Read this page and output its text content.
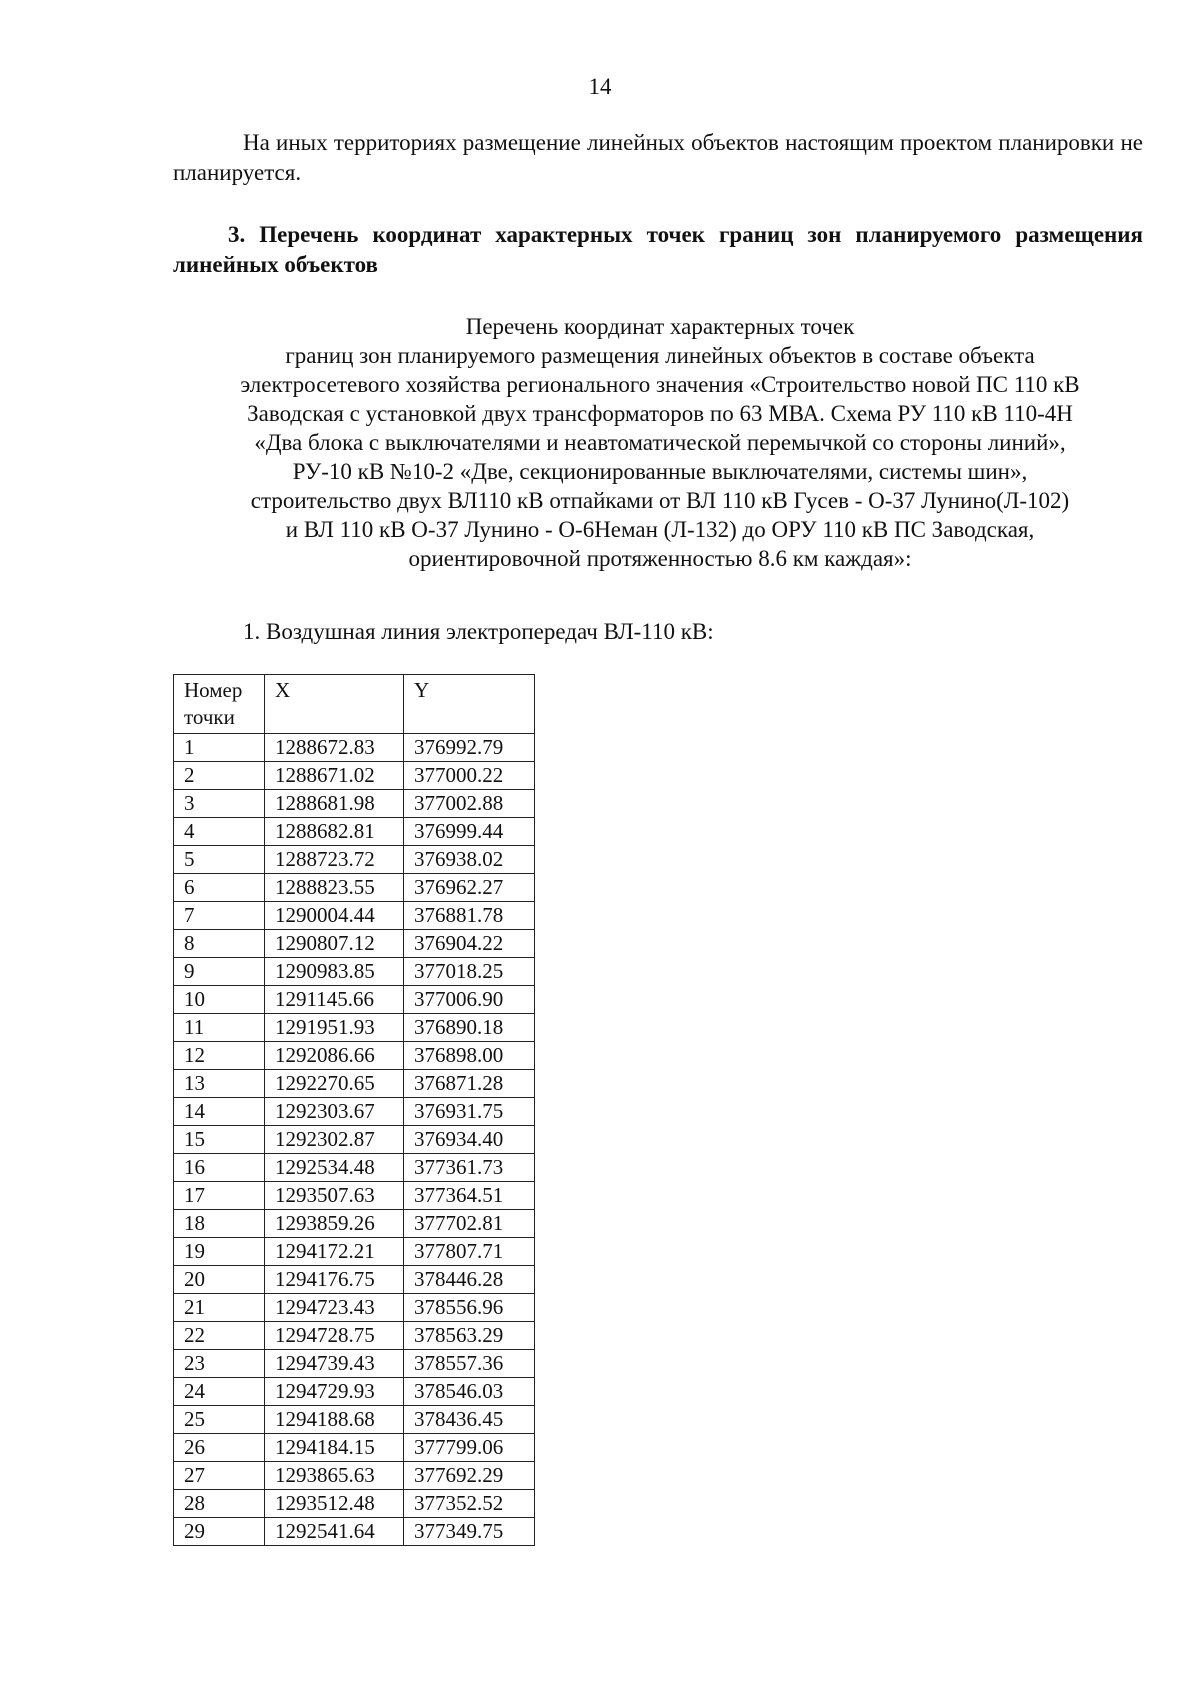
14

На иных территориях размещение линейных объектов настоящим проектом планировки не планируется.

3. Перечень координат характерных точек границ зон планируемого размещения линейных объектов

Перечень координат характерных точек
границ зон планируемого размещения линейных объектов в составе объекта
электросетевого хозяйства регионального значения «Строительство новой ПС 110 кВ
Заводская с установкой двух трансформаторов по 63 МВА. Схема РУ 110 кВ 110-4Н
«Два блока с выключателями и неавтоматической перемычкой со стороны линий»,
РУ-10 кВ №10-2 «Две, секционированные выключателями, системы шин»,
строительство двух ВЛ110 кВ отпайками от ВЛ 110 кВ Гусев - О-37 Лунино(Л-102)
и ВЛ 110 кВ О-37 Лунино - О-6Неман (Л-132) до ОРУ 110 кВ ПС Заводская,
ориентировочной протяженностью 8.6 км каждая»:
1. Воздушная линия электропередач ВЛ-110 кВ:
Номер точки	X	Y
1	1288672.83	376992.79
2	1288671.02	377000.22
3	1288681.98	377002.88
4	1288682.81	376999.44
5	1288723.72	376938.02
6	1288823.55	376962.27
7	1290004.44	376881.78
8	1290807.12	376904.22
9	1290983.85	377018.25
10	1291145.66	377006.90
11	1291951.93	376890.18
12	1292086.66	376898.00
13	1292270.65	376871.28
14	1292303.67	376931.75
15	1292302.87	376934.40
16	1292534.48	377361.73
17	1293507.63	377364.51
18	1293859.26	377702.81
19	1294172.21	377807.71
20	1294176.75	378446.28
21	1294723.43	378556.96
22	1294728.75	378563.29
23	1294739.43	378557.36
24	1294729.93	378546.03
25	1294188.68	378436.45
26	1294184.15	377799.06
27	1293865.63	377692.29
28	1293512.48	377352.52
29	1292541.64	377349.75
